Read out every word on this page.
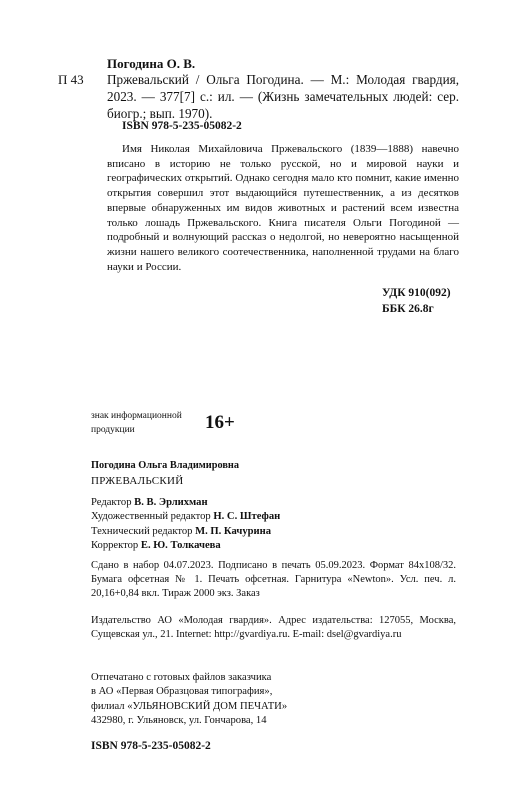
Погодина О. В.
П 43 Пржевальский / Ольга Погодина. — М.: Молодая гвардия, 2023. — 377[7] с.: ил. — (Жизнь замечательных людей: сер. биогр.; вып. 1970).
ISBN 978-5-235-05082-2
Имя Николая Михайловича Пржевальского (1839—1888) навечно вписано в историю не только русской, но и мировой науки и географических открытий. Однако сегодня мало кто помнит, какие именно открытия совершил этот выдающийся путешественник, а из десятков впервые обнаруженных им видов животных и растений всем известна только лошадь Пржевальского. Книга писателя Ольги Погодиной — подробный и волнующий рассказ о недолгой, но невероятно насыщенной жизни нашего великого соотечественника, наполненной трудами на благо науки и России.
УДК 910(092)
ББК 26.8г
знак информационной продукции	16+
Погодина Ольга Владимировна
ПРЖЕВАЛЬСКИЙ
Редактор В. В. Эрлихман
Художественный редактор Н. С. Штефан
Технический редактор М. П. Качурина
Корректор Е. Ю. Толкачева
Сдано в набор 04.07.2023. Подписано в печать 05.09.2023. Формат 84x108/32. Бумага офсетная № 1. Печать офсетная. Гарнитура «Newton». Усл. печ. л. 20,16+0,84 вкл. Тираж 2000 экз. Заказ
Издательство АО «Молодая гвардия». Адрес издательства: 127055, Москва, Сущевская ул., 21. Internet: http://gvardiya.ru. E-mail: dsel@gvardiya.ru
Отпечатано с готовых файлов заказчика
в АО «Первая Образцовая типография»,
филиал «УЛЬЯНОВСКИЙ ДОМ ПЕЧАТИ»
432980, г. Ульяновск, ул. Гончарова, 14
ISBN 978-5-235-05082-2
